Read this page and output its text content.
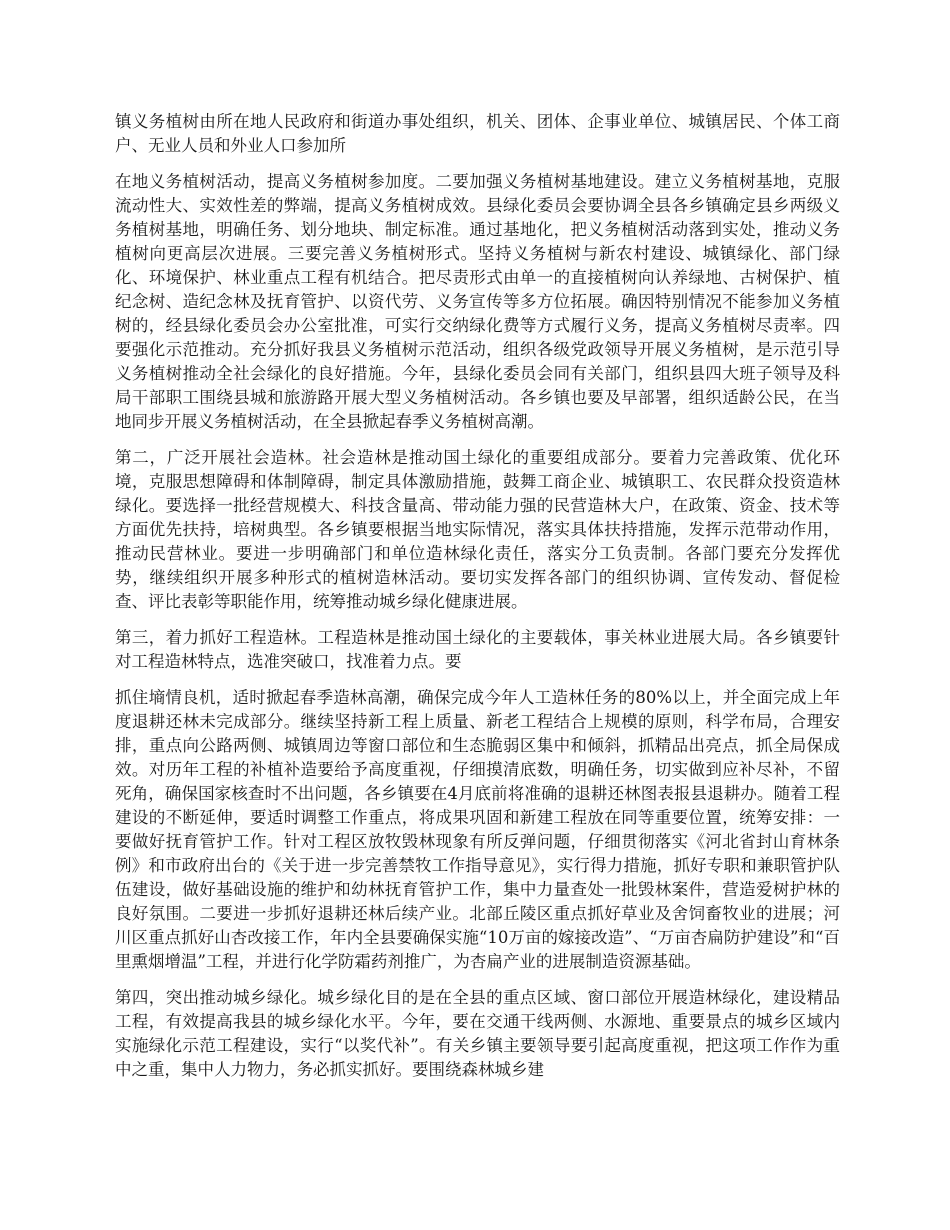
镇义务植树由所在地人民政府和街道办事处组织，机关、团体、企事业单位、城镇居民、个体工商户、无业人员和外业人口参加所

在地义务植树活动，提高义务植树参加度。二要加强义务植树基地建设。建立义务植树基地，克服流动性大、实效性差的弊端，提高义务植树成效。县绿化委员会要协调全县各乡镇确定县乡两级义务植树基地，明确任务、划分地块、制定标准。通过基地化，把义务植树活动落到实处，推动义务植树向更高层次进展。三要完善义务植树形式。坚持义务植树与新农村建设、城镇绿化、部门绿化、环境保护、林业重点工程有机结合。把尽责形式由单一的直接植树向认养绿地、古树保护、植纪念树、造纪念林及抚育管护、以资代劳、义务宣传等多方位拓展。确因特别情况不能参加义务植树的，经县绿化委员会办公室批准，可实行交纳绿化费等方式履行义务，提高义务植树尽责率。四要强化示范推动。充分抓好我县义务植树示范活动，组织各级党政领导开展义务植树，是示范引导义务植树推动全社会绿化的良好措施。今年，县绿化委员会同有关部门，组织县四大班子领导及科局干部职工围绕县城和旅游路开展大型义务植树活动。各乡镇也要及早部署，组织适龄公民，在当地同步开展义务植树活动，在全县掀起春季义务植树高潮。

第二，广泛开展社会造林。社会造林是推动国土绿化的重要组成部分。要着力完善政策、优化环境，克服思想障碍和体制障碍，制定具体激励措施，鼓舞工商企业、城镇职工、农民群众投资造林绿化。要选择一批经营规模大、科技含量高、带动能力强的民营造林大户，在政策、资金、技术等方面优先扶持，培树典型。各乡镇要根据当地实际情况，落实具体扶持措施，发挥示范带动作用，推动民营林业。要进一步明确部门和单位造林绿化责任，落实分工负责制。各部门要充分发挥优势，继续组织开展多种形式的植树造林活动。要切实发挥各部门的组织协调、宣传发动、督促检查、评比表彰等职能作用，统筹推动城乡绿化健康进展。

第三，着力抓好工程造林。工程造林是推动国土绿化的主要载体，事关林业进展大局。各乡镇要针对工程造林特点，选准突破口，找准着力点。要

抓住墒情良机，适时掀起春季造林高潮，确保完成今年人工造林任务的80%以上，并全面完成上年度退耕还林未完成部分。继续坚持新工程上质量、新老工程结合上规模的原则，科学布局，合理安排，重点向公路两侧、城镇周边等窗口部位和生态脆弱区集中和倾斜，抓精品出亮点，抓全局保成效。对历年工程的补植补造要给予高度重视，仔细摸清底数，明确任务，切实做到应补尽补，不留死角，确保国家核查时不出问题，各乡镇要在4月底前将准确的退耕还林图表报县退耕办。随着工程建设的不断延伸，要适时调整工作重点，将成果巩固和新建工程放在同等重要位置，统筹安排：一要做好抚育管护工作。针对工程区放牧毁林现象有所反弹问题，仔细贯彻落实《河北省封山育林条例》和市政府出台的《关于进一步完善禁牧工作指导意见》，实行得力措施，抓好专职和兼职管护队伍建设，做好基础设施的维护和幼林抚育管护工作，集中力量查处一批毁林案件，营造爱树护林的良好氛围。二要进一步抓好退耕还林后续产业。北部丘陵区重点抓好草业及舍饲畜牧业的进展；河川区重点抓好山杏改接工作，年内全县要确保实施“10万亩的嫁接改造”、“万亩杏扁防护建设”和“百里熏烟增温”工程，并进行化学防霜药剂推广，为杏扁产业的进展制造资源基础。

第四，突出推动城乡绿化。城乡绿化目的是在全县的重点区域、窗口部位开展造林绿化，建设精品工程，有效提高我县的城乡绿化水平。今年，要在交通干线两侧、水源地、重要景点的城乡区域内实施绿化示范工程建设，实行“以奖代补”。有关乡镇主要领导要引起高度重视，把这项工作作为重中之重，集中人力物力，务必抓实抓好。要围绕森林城乡建
